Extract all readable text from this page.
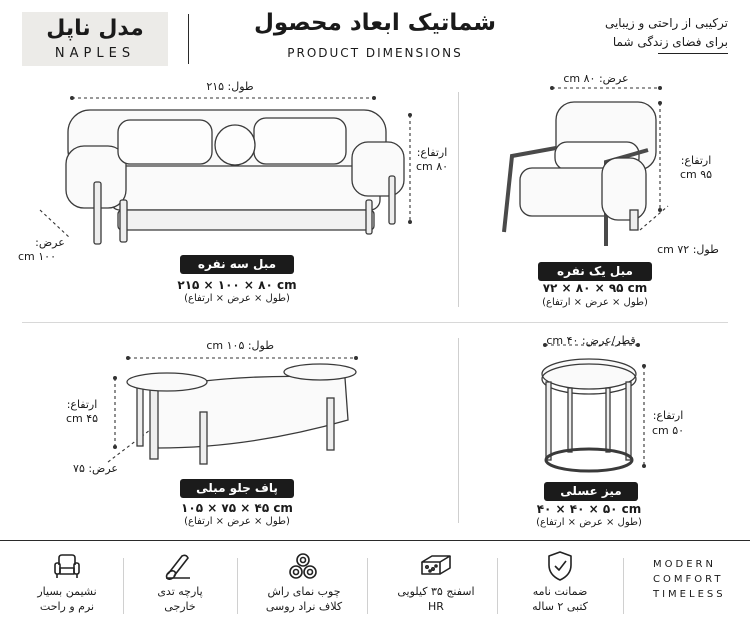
مدل ناپل
NAPLES
شماتیک ابعاد محصول
PRODUCT DIMENSIONS
ترکیبی از راحتی و زیبایی
برای فضای زندگی شما
طول: ۲۱۵
ارتفاع:
۸۰ cm
عرض:
۱۰۰ cm
مبل سه نفره
۲۱۵ × ۱۰۰ × ۸۰ cm
(طول × عرض × ارتفاع)
عرض: ۸۰ cm
ارتفاع:
۹۵ cm
طول: ۷۲ cm
مبل یک نفره
۷۲ × ۸۰ × ۹۵ cm
(طول × عرض × ارتفاع)
طول: ۱۰۵ cm
ارتفاع:
۴۵ cm
عرض: ۷۵
پاف جلو مبلی
۱۰۵ × ۷۵ × ۴۵ cm
(طول × عرض × ارتفاع)
قطر/عرض: ۴۰ cm
ارتفاع:
۵۰ cm
میز عسلی
۴۰ × ۴۰ × ۵۰ cm
(طول × عرض × ارتفاع)
نشیمن بسیار
نرم و راحت
پارچه تدی
خارجی
چوب نمای راش
کلاف نراد روسی
اسفنج ۳۵ کیلویی
HR
ضمانت نامه
کتبی ۲ ساله
MODERN
COMFORT
TIMELESS
